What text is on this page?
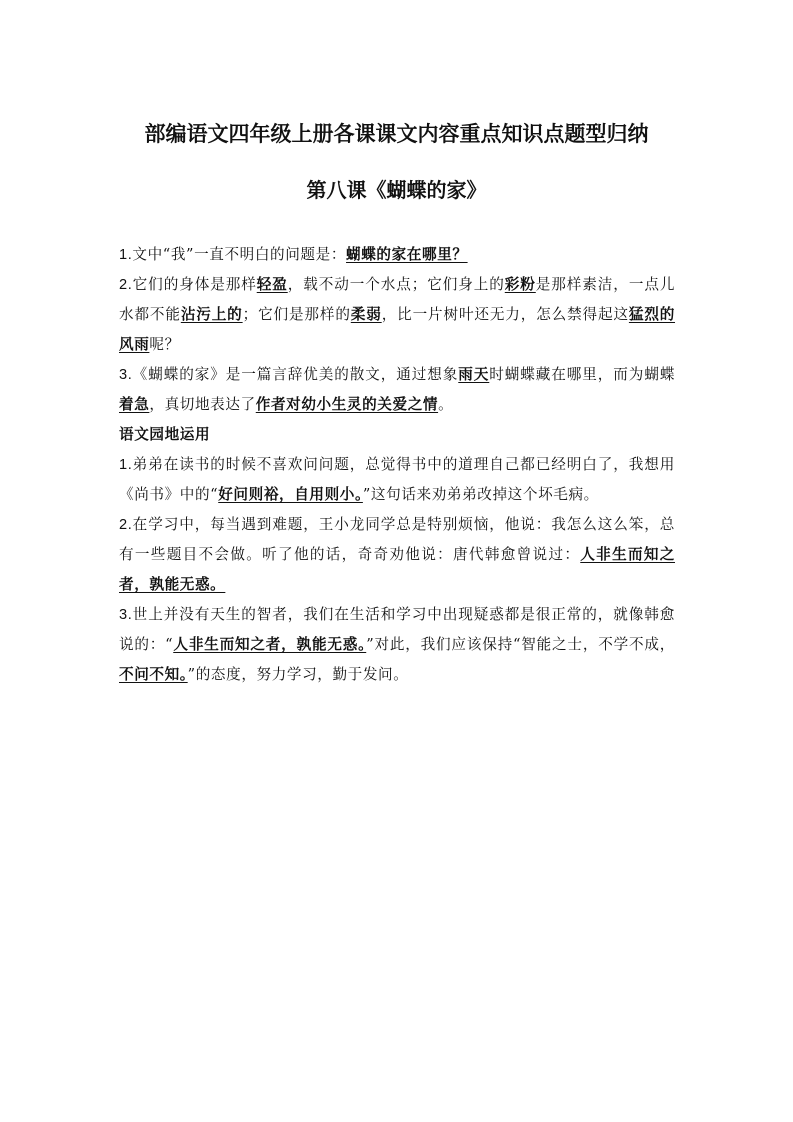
部编语文四年级上册各课课文内容重点知识点题型归纳
第八课《蝴蝶的家》

1.文中“我”一直不明白的问题是：蝴蝶的家在哪里？

2.它们的身体是那样轻盈，载不动一个水点；它们身上的彩粉是那样素洁，一点儿水都不能沾污上的；它们是那样的柔弱，比一片树叶还无力，怎么禁得起这猛烈的风雨呢？

3.《蝴蝶的家》是一篇言辞优美的散文，通过想象雨天时蝴蝶藏在哪里，而为蝴蝶着急，真切地表达了作者对幼小生灵的关爱之情。

语文园地运用

1.弟弟在读书的时候不喜欢问问题，总觉得书中的道理自己都已经明白了，我想用《尚书》中的“好问则裕，自用则小。”这句话来劝弟弟改掉这个坏毛病。

2.在学习中，每当遇到难题，王小龙同学总是特别烦恼，他说：我怎么这么笨，总有一些题目不会做。听了他的话，奇奇劝他说：唐代韩愈曾说过：人非生而知之者，孰能无惑。

3.世上并没有天生的智者，我们在生活和学习中出现疑惑都是很正常的，就像韩愈说的：“人非生而知之者，孰能无惑。”对此，我们应该保持“智能之士，不学不成，不问不知。”的态度，努力学习，勤于发问。
